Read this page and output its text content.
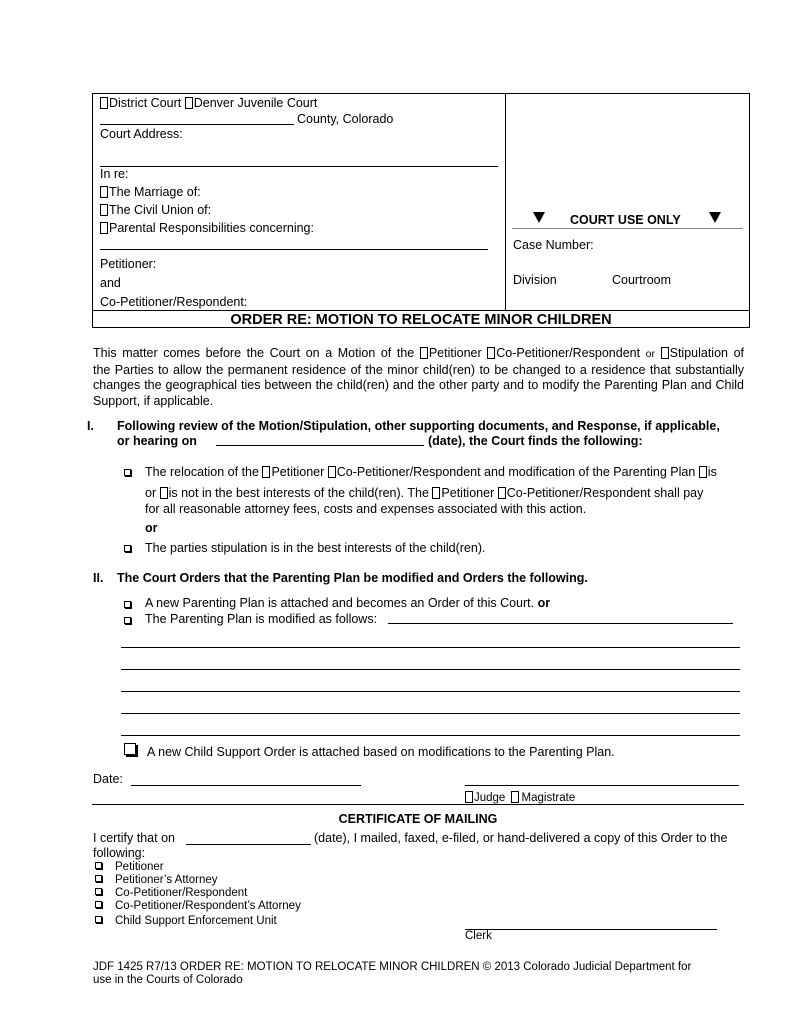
District Court Denver Juvenile Court
County, Colorado
Court Address:
In re:
The Marriage of:
The Civil Union of:
Parental Responsibilities concerning:
Petitioner:
and
Co-Petitioner/Respondent:
COURT USE ONLY
Case Number:
Division	Courtroom
ORDER RE: MOTION TO RELOCATE MINOR CHILDREN
This matter comes before the Court on a Motion of the Petitioner Co-Petitioner/Respondent or Stipulation of
the Parties to allow the permanent residence of the minor child(ren) to be changed to a residence that substantially changes the geographical ties between the child(ren) and the other party and to modify the Parenting Plan and Child Support, if applicable.
I. Following review of the Motion/Stipulation, other supporting documents, and Response, if applicable,
or hearing on	(date), the Court finds the following:
The relocation of the Petitioner Co-Petitioner/Respondent and modification of the Parenting Plan is
or is not in the best interests of the child(ren). The Petitioner Co-Petitioner/Respondent shall pay
for all reasonable attorney fees, costs and expenses associated with this action.
or
The parties stipulation is in the best interests of the child(ren).
II. The Court Orders that the Parenting Plan be modified and Orders the following.
A new Parenting Plan is attached and becomes an Order of this Court. or
The Parenting Plan is modified as follows:
A new Child Support Order is attached based on modifications to the Parenting Plan.
Date:
Judge Magistrate
CERTIFICATE OF MAILING
I certify that on	(date), I mailed, faxed, e-filed, or hand-delivered a copy of this Order to the
following:
Petitioner
Petitioner’s Attorney
Co-Petitioner/Respondent
Co-Petitioner/Respondent’s Attorney
Child Support Enforcement Unit
Clerk
JDF 1425 R7/13 ORDER RE: MOTION TO RELOCATE MINOR CHILDREN © 2013 Colorado Judicial Department for
use in the Courts of Colorado
